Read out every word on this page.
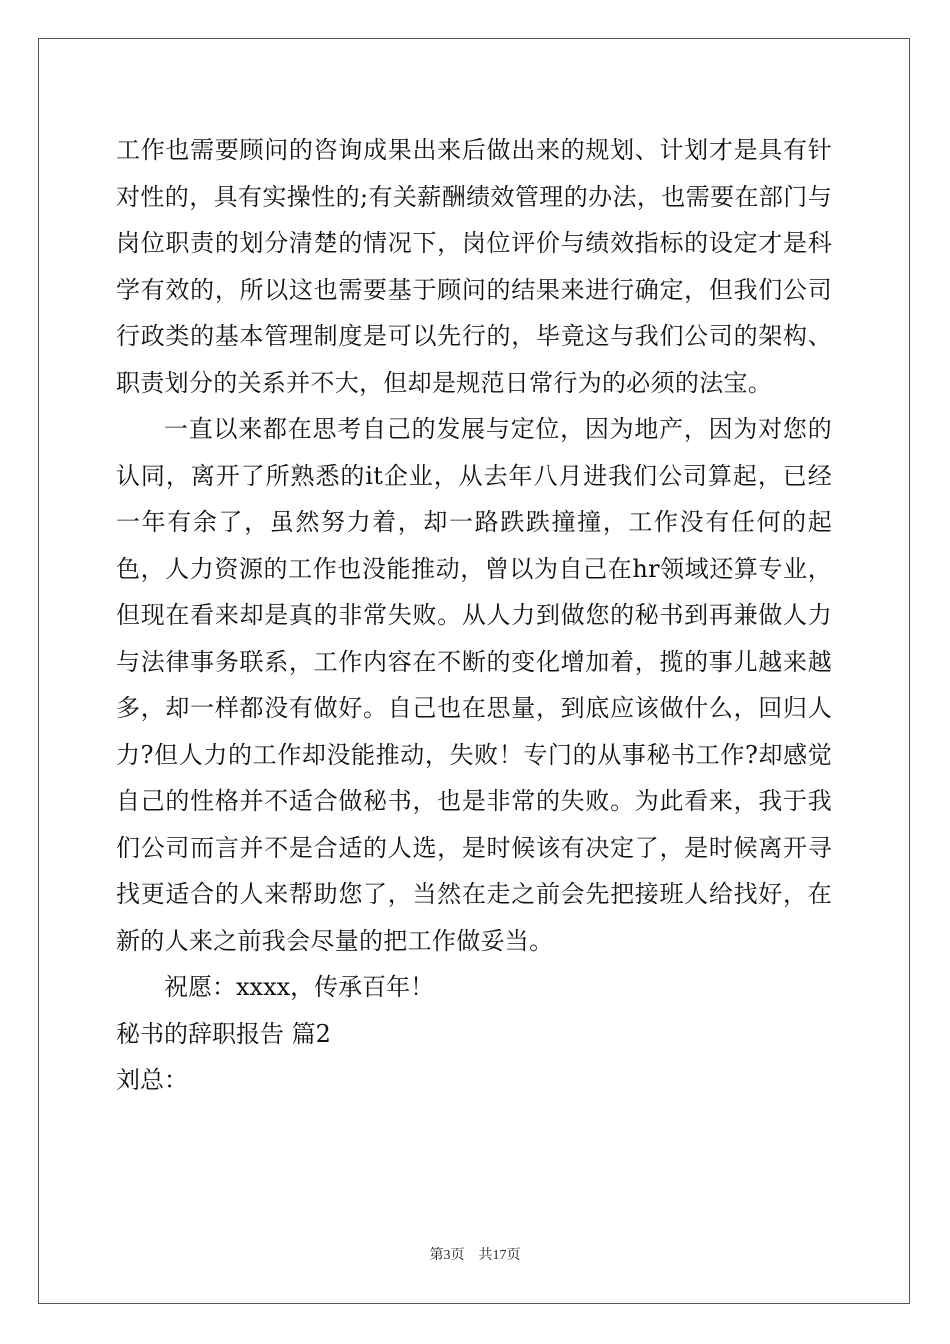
工作也需要顾问的咨询成果出来后做出来的规划、计划才是具有针对性的，具有实操性的;有关薪酬绩效管理的办法，也需要在部门与岗位职责的划分清楚的情况下，岗位评价与绩效指标的设定才是科学有效的，所以这也需要基于顾问的结果来进行确定，但我们公司行政类的基本管理制度是可以先行的，毕竟这与我们公司的架构、职责划分的关系并不大，但却是规范日常行为的必须的法宝。

一直以来都在思考自己的发展与定位，因为地产，因为对您的认同，离开了所熟悉的it企业，从去年八月进我们公司算起，已经一年有余了，虽然努力着，却一路跌跌撞撞，工作没有任何的起色，人力资源的工作也没能推动，曾以为自己在hr领域还算专业，但现在看来却是真的非常失败。从人力到做您的秘书到再兼做人力与法律事务联系，工作内容在不断的变化增加着，揽的事儿越来越多，却一样都没有做好。自己也在思量，到底应该做什么，回归人力?但人力的工作却没能推动，失败！专门的从事秘书工作?却感觉自己的性格并不适合做秘书，也是非常的失败。为此看来，我于我们公司而言并不是合适的人选，是时候该有决定了，是时候离开寻找更适合的人来帮助您了，当然在走之前会先把接班人给找好，在新的人来之前我会尽量的把工作做妥当。

　　祝愿：xxxx，传承百年！

秘书的辞职报告 篇2

刘总：

第3页　共17页
